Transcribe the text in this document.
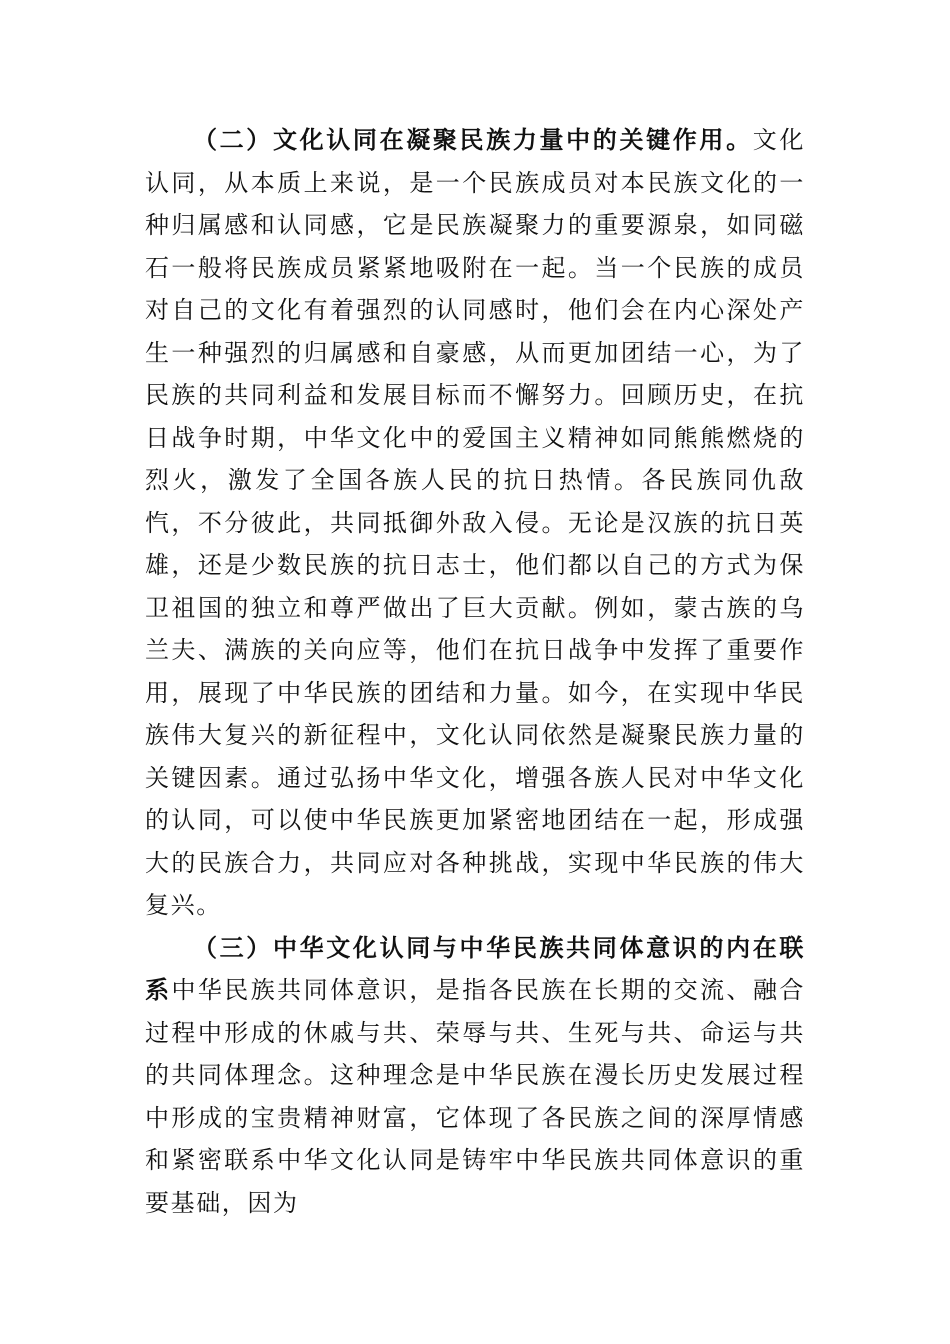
（二）文化认同在凝聚民族力量中的关键作用。文化认同，从本质上来说，是一个民族成员对本民族文化的一种归属感和认同感，它是民族凝聚力的重要源泉，如同磁石一般将民族成员紧紧地吸附在一起。当一个民族的成员对自己的文化有着强烈的认同感时，他们会在内心深处产生一种强烈的归属感和自豪感，从而更加团结一心，为了民族的共同利益和发展目标而不懈努力。回顾历史，在抗日战争时期，中华文化中的爱国主义精神如同熊熊燃烧的烈火，激发了全国各族人民的抗日热情。各民族同仇敌忾，不分彼此，共同抵御外敌入侵。无论是汉族的抗日英雄，还是少数民族的抗日志士，他们都以自己的方式为保卫祖国的独立和尊严做出了巨大贡献。例如，蒙古族的乌兰夫、满族的关向应等，他们在抗日战争中发挥了重要作用，展现了中华民族的团结和力量。如今，在实现中华民族伟大复兴的新征程中，文化认同依然是凝聚民族力量的关键因素。通过弘扬中华文化，增强各族人民对中华文化的认同，可以使中华民族更加紧密地团结在一起，形成强大的民族合力，共同应对各种挑战，实现中华民族的伟大复兴。

（三）中华文化认同与中华民族共同体意识的内在联系中华民族共同体意识，是指各民族在长期的交流、融合过程中形成的休戚与共、荣辱与共、生死与共、命运与共的共同体理念。这种理念是中华民族在漫长历史发展过程中形成的宝贵精神财富，它体现了各民族之间的深厚情感和紧密联系中华文化认同是铸牢中华民族共同体意识的重要基础，因为
